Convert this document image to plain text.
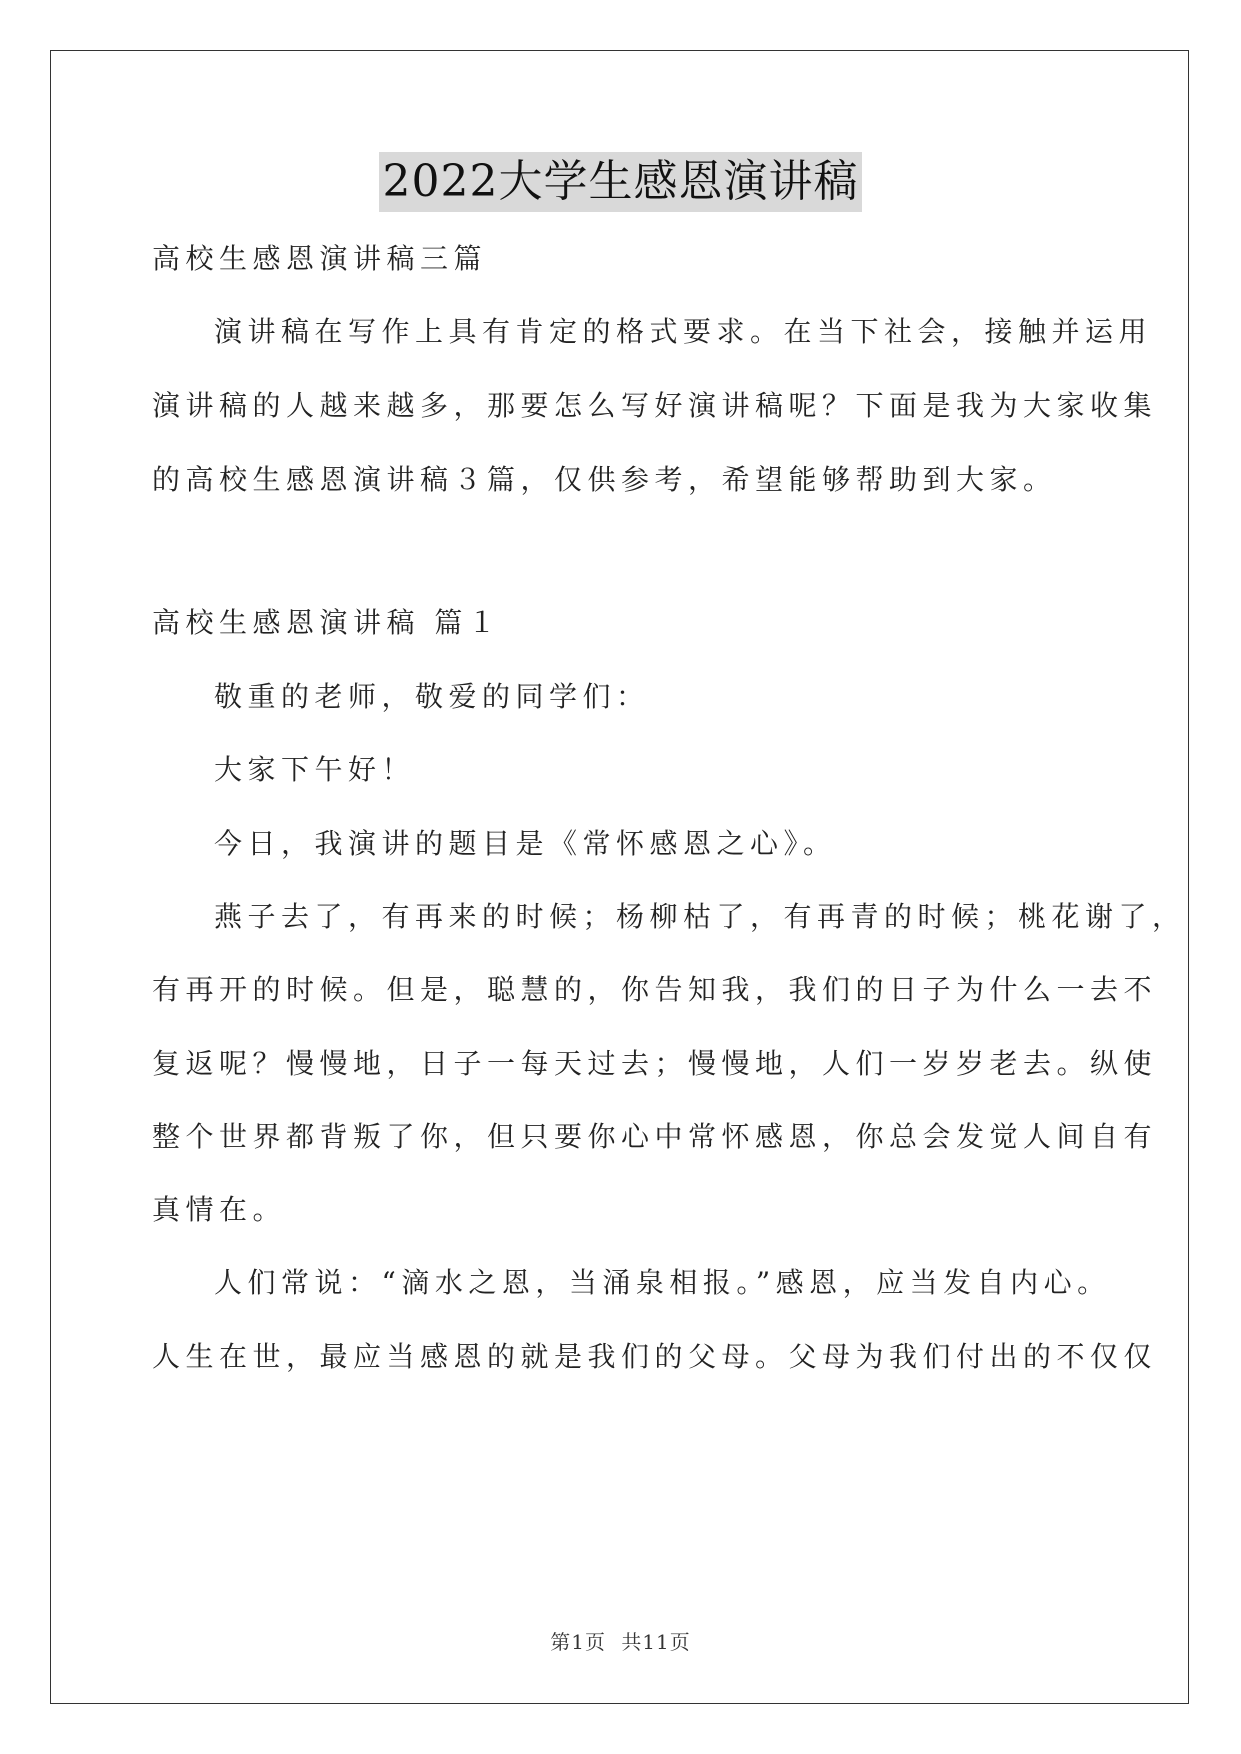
2022大学生感恩演讲稿
高校生感恩演讲稿三篇
演讲稿在写作上具有肯定的格式要求。在当下社会，接触并运用
演讲稿的人越来越多，那要怎么写好演讲稿呢？下面是我为大家收集
的高校生感恩演讲稿３篇，仅供参考，希望能够帮助到大家。
高校生感恩演讲稿 篇１
敬重的老师，敬爱的同学们：
大家下午好！
今日，我演讲的题目是《常怀感恩之心》。
燕子去了，有再来的时候；杨柳枯了，有再青的时候；桃花谢了，
有再开的时候。但是，聪慧的，你告知我，我们的日子为什么一去不
复返呢？慢慢地，日子一每天过去；慢慢地，人们一岁岁老去。纵使
整个世界都背叛了你，但只要你心中常怀感恩，你总会发觉人间自有
真情在。
人们常说：“滴水之恩，当涌泉相报。”感恩，应当发自内心。
人生在世，最应当感恩的就是我们的父母。父母为我们付出的不仅仅
第1页 共11页
